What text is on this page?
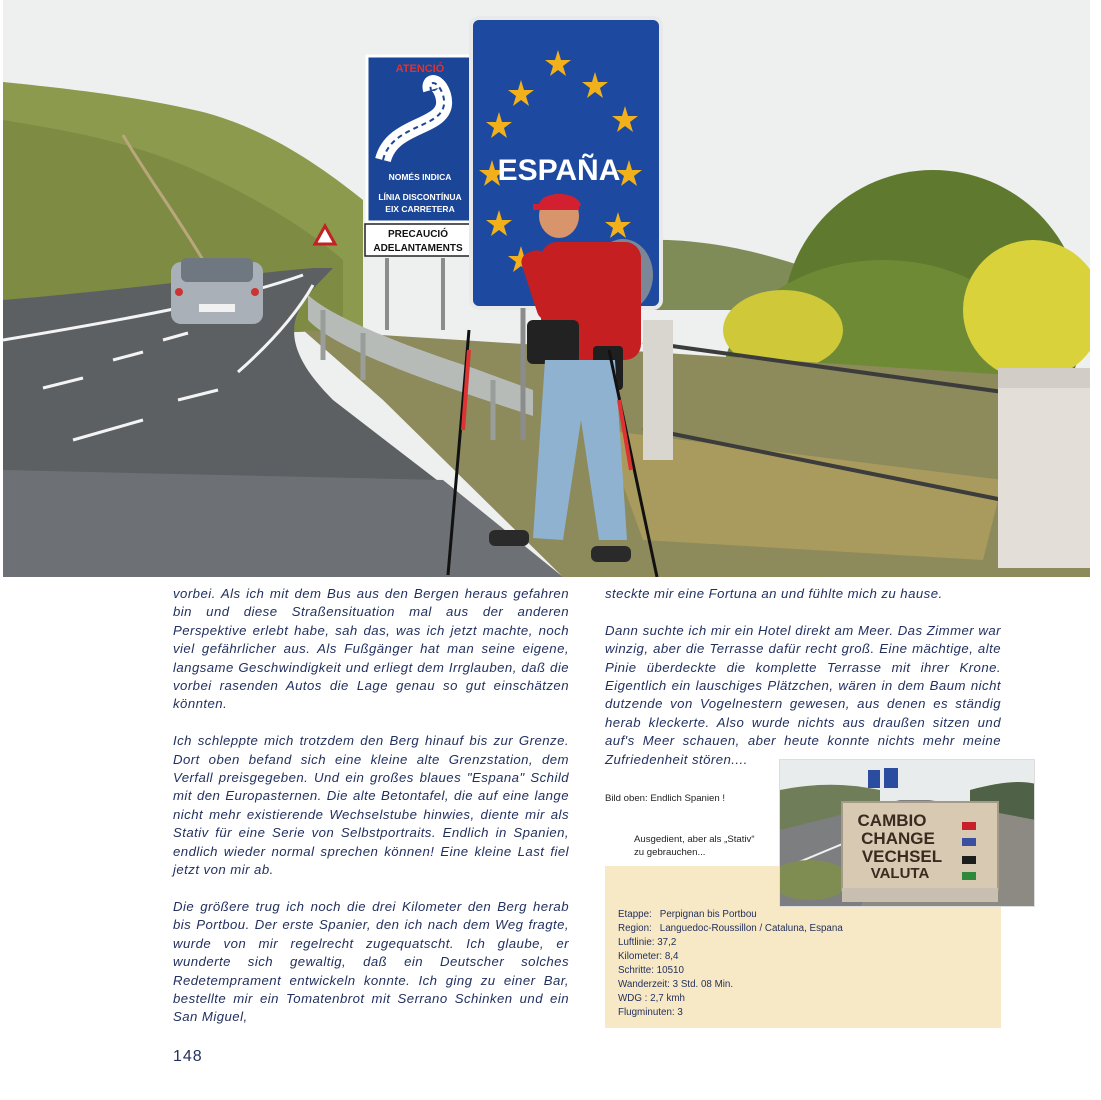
ATENCIÓ
NOMÉS INDICA
LÍNIA DISCONTÍNUA
EIX CARRETERA
PRECAUCIÓ
ADELANTAMENTS
ESPAÑA

vorbei. Als ich mit dem Bus aus den Bergen heraus gefahren bin und diese Straßensituation mal aus der anderen Perspektive erlebt habe, sah das, was ich jetzt machte, noch viel gefährlicher aus. Als Fußgänger hat man seine eigene, langsame Geschwindigkeit und erliegt dem Irrglauben, daß die vorbei rasenden Autos die Lage genau so gut einschätzen könnten.

Ich schleppte mich trotzdem den Berg hinauf bis zur Grenze. Dort oben befand sich eine kleine alte Grenzstation, dem Verfall preisgegeben. Und ein großes blaues "Espana" Schild mit den Europasternen. Die alte Betontafel, die auf eine lange nicht mehr existierende Wechselstube hinwies, diente mir als Stativ für eine Serie von Selbstportraits. Endlich in Spanien, endlich wieder normal sprechen können! Eine kleine Last fiel jetzt von mir ab.

Die größere trug ich noch die drei Kilometer den Berg herab bis Portbou. Der erste Spanier, den ich nach dem Weg fragte, wurde von mir regelrecht zugequatscht. Ich glaube, er wunderte sich gewaltig, daß ein Deutscher solches Redetemprament entwickeln konnte. Ich ging zu einer Bar, bestellte mir ein Tomatenbrot mit Serrano Schinken und ein San Miguel,

steckte mir eine Fortuna an und fühlte mich zu hause.

Dann suchte ich mir ein Hotel direkt am Meer. Das Zimmer war winzig, aber die Terrasse dafür recht groß. Eine mächtige, alte Pinie überdeckte die komplette Terrasse mit ihrer Krone. Eigentlich ein lauschiges Plätzchen, wären in dem Baum nicht dutzende von Vogelnestern gewesen, aus denen es ständig herab kleckerte. Also wurde nichts aus draußen sitzen und auf's Meer schauen, aber heute konnte nichts mehr meine Zufriedenheit stören....

Bild oben: Endlich Spanien !
Ausgedient, aber als „Stativ“
zu gebrauchen...
Etappe: Perpignan bis Portbou
Region: Languedoc-Roussillon / Cataluna, Espana
Luftlinie: 37,2
Kilometer: 8,4
Schritte: 10510
Wanderzeit: 3 Std. 08 Min.
WDG : 2,7 kmh
Flugminuten: 3
CAMBIO
CHANGE
VECHSEL
VALUTA
148
